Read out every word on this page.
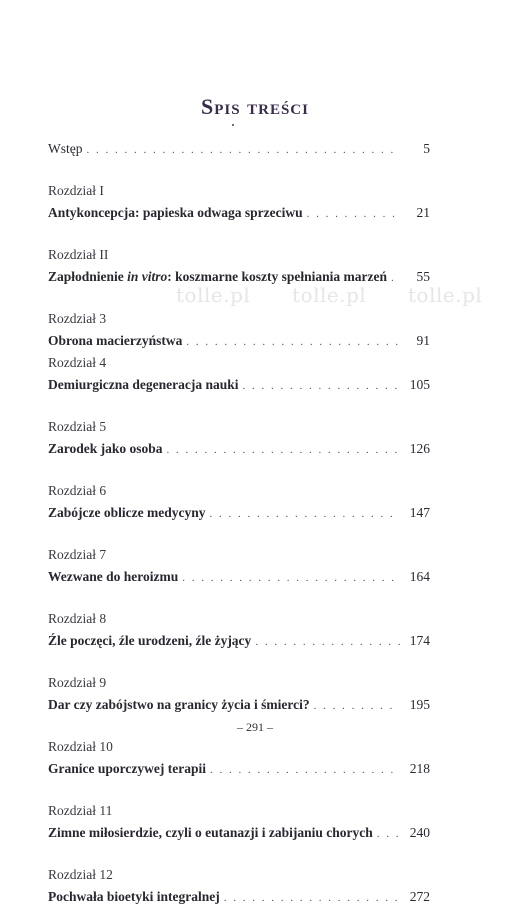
Spis treści
tolle.pl tolle.pl tolle.pl
Wstęp . . .	5
Rozdział I
Antykoncepcja: papieska odwaga sprzeciwu . . .	21
Rozdział II
Zapłodnienie in vitro: koszmarne koszty spełniania marzeń . . .	55
Rozdział 3
Obrona macierzyństwa . . .	91
Rozdział 4
Demiurgiczna degeneracja nauki . . .	105
Rozdział 5
Zarodek jako osoba . . .	126
Rozdział 6
Zabójcze oblicze medycyny . . .	147
Rozdział 7
Wezwane do heroizmu . . .	164
Rozdział 8
Źle poczęci, źle urodzeni, źle żyjący . . .	174
Rozdział 9
Dar czy zabójstwo na granicy życia i śmierci? . . .	195
Rozdział 10
Granice uporczywej terapii . . .	218
Rozdział 11
Zimne miłosierdzie, czyli o eutanazji i zabijaniu chorych . . .	240
Rozdział 12
Pochwała bioetyki integralnej . . .	272
– 291 –
